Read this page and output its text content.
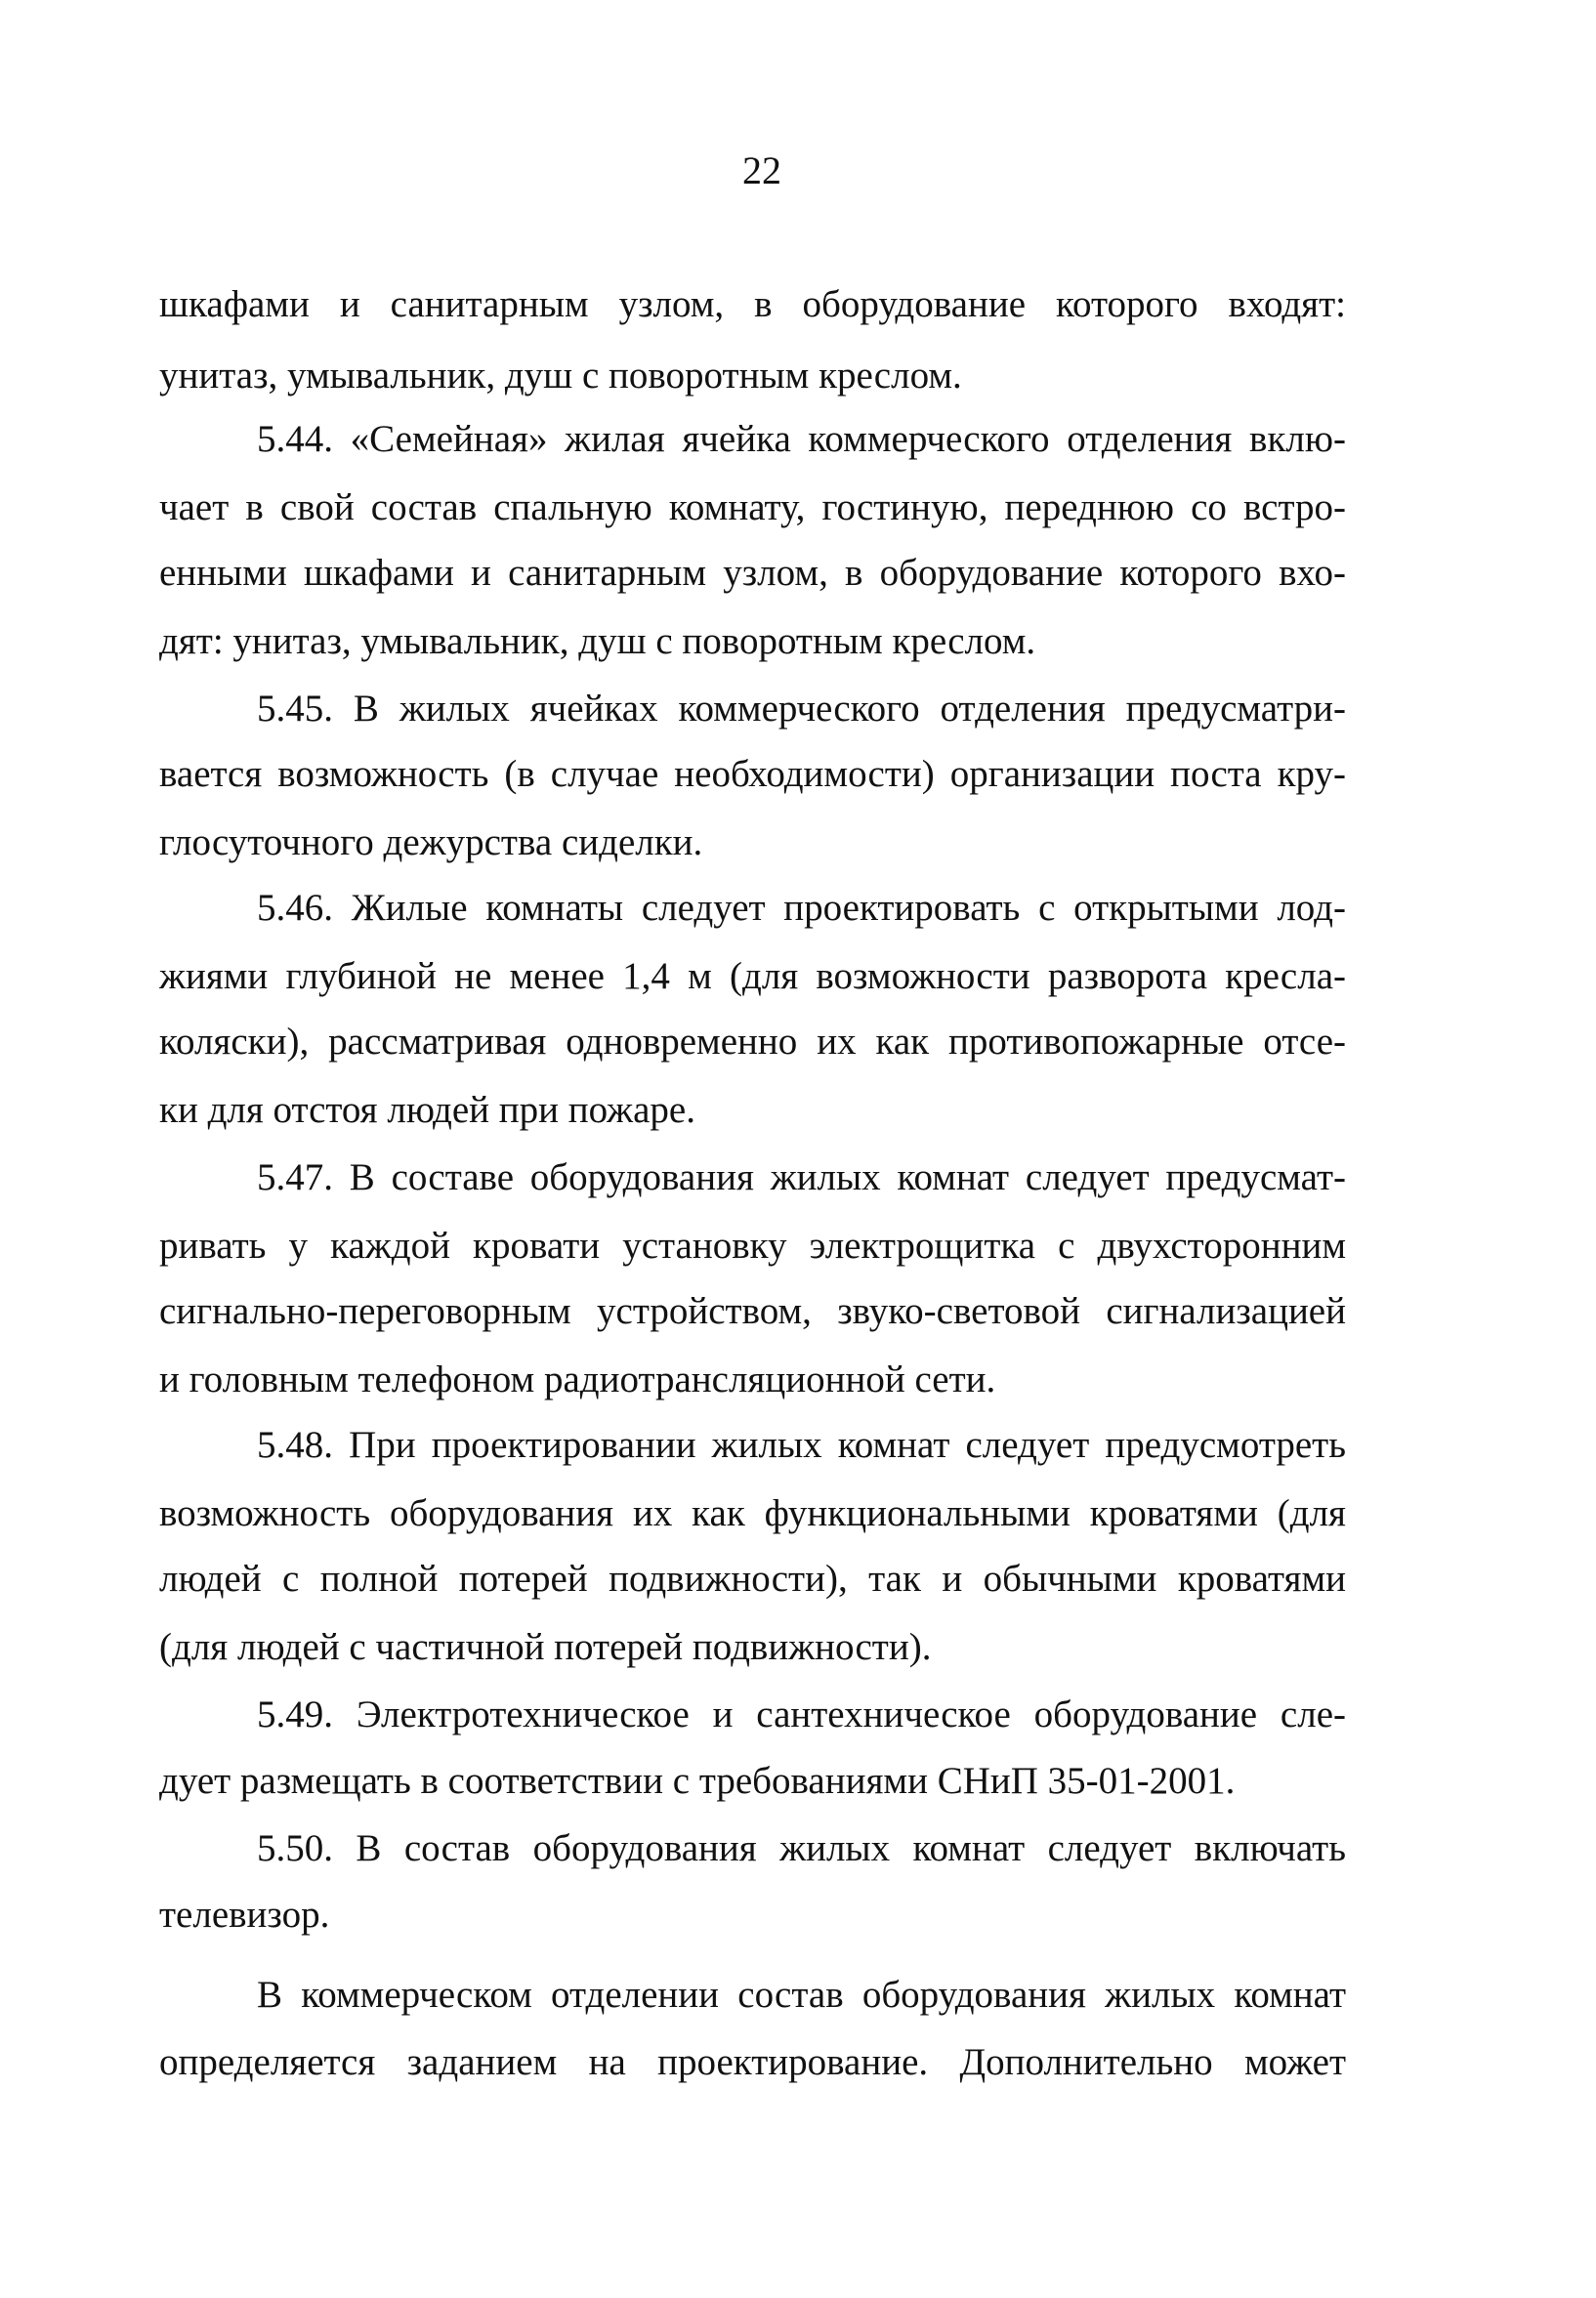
22
шкафами и санитарным узлом, в оборудование которого входят:
унитаз, умывальник, душ с поворотным креслом.
5.44. «Семейная» жилая ячейка коммерческого отделения вклю-
чает в свой состав спальную комнату, гостиную, переднюю со встро-
енными шкафами и санитарным узлом, в оборудование которого вхо-
дят: унитаз, умывальник, душ с поворотным креслом.
5.45. В жилых ячейках коммерческого отделения предусматри-
вается возможность (в случае необходимости) организации поста кру-
глосуточного дежурства сиделки.
5.46. Жилые комнаты следует проектировать с открытыми лод-
жиями глубиной не менее 1,4 м (для возможности разворота кресла-
коляски), рассматривая одновременно их как противопожарные отсе-
ки для отстоя людей при пожаре.
5.47. В составе оборудования жилых комнат следует предусмат-
ривать у каждой кровати установку электрощитка с двухсторонним
сигнально-переговорным устройством, звуко-световой сигнализацией
и головным телефоном радиотрансляционной сети.
5.48. При проектировании жилых комнат следует предусмотреть
возможность оборудования их как функциональными кроватями (для
людей с полной потерей подвижности), так и обычными кроватями
(для людей с частичной потерей подвижности).
5.49. Электротехническое и сантехническое оборудование сле-
дует размещать в соответствии с требованиями СНиП 35-01-2001.
5.50. В состав оборудования жилых комнат следует включать
телевизор.
В коммерческом отделении состав оборудования жилых комнат
определяется заданием на проектирование. Дополнительно может
